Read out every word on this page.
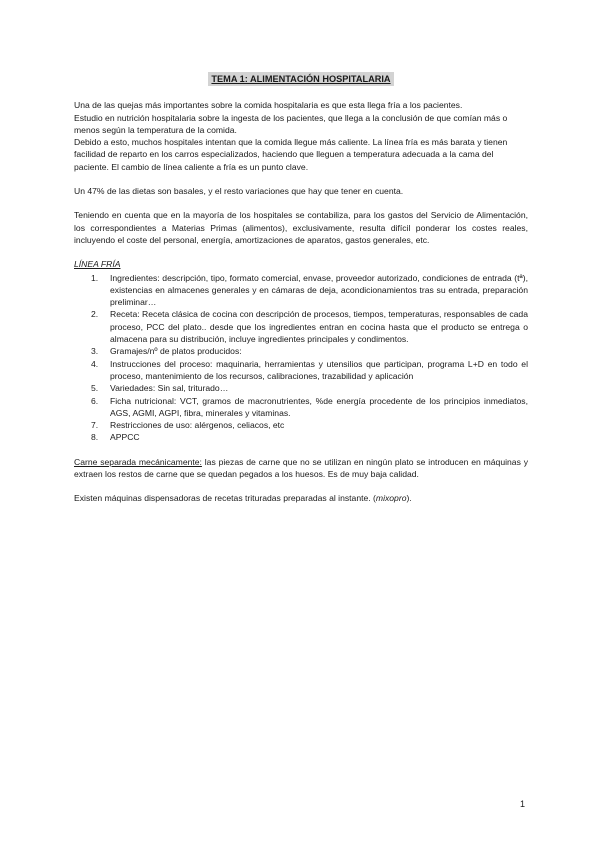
TEMA 1: ALIMENTACIÓN HOSPITALARIA

Una de las quejas más importantes sobre la comida hospitalaria es que esta llega fría a los pacientes.

Estudio en nutrición hospitalaria sobre la ingesta de los pacientes, que llega a la conclusión de que comían más o menos según la temperatura de la comida.

Debido a esto, muchos hospitales intentan que la comida llegue más caliente. La línea fría es más barata y tienen facilidad de reparto en los carros especializados, haciendo que lleguen a temperatura adecuada a la cama del paciente. El cambio de línea caliente a fría es un punto clave.

Un 47% de las dietas son basales, y el resto variaciones que hay que tener en cuenta.

Teniendo en cuenta que en la mayoría de los hospitales se contabiliza, para los gastos del Servicio de Alimentación, los correspondientes a Materias Primas (alimentos), exclusivamente, resulta difícil ponderar los costes reales, incluyendo el coste del personal, energía, amortizaciones de aparatos, gastos generales, etc.

LÍNEA FRÍA
1. Ingredientes: descripción, tipo, formato comercial, envase, proveedor autorizado, condiciones de entrada (tª), existencias en almacenes generales y en cámaras de deja, acondicionamientos tras su entrada, preparación preliminar…
2. Receta: Receta clásica de cocina con descripción de procesos, tiempos, temperaturas, responsables de cada proceso, PCC del plato.. desde que los ingredientes entran en cocina hasta que el producto se entrega o almacena para su distribución, incluye ingredientes principales y condimentos.
3. Gramajes/nº de platos producidos:
4. Instrucciones del proceso: maquinaria, herramientas y utensilios que participan, programa L+D en todo el proceso, mantenimiento de los recursos, calibraciones, trazabilidad y aplicación
5. Variedades: Sin sal, triturado…
6. Ficha nutricional: VCT, gramos de macronutrientes, %de energía procedente de los principios inmediatos, AGS, AGMI, AGPI, fibra, minerales y vitaminas.
7. Restricciones de uso: alérgenos, celiacos, etc
8. APPCC

Carne separada mecánicamente: las piezas de carne que no se utilizan en ningún plato se introducen en máquinas y extraen los restos de carne que se quedan pegados a los huesos. Es de muy baja calidad.

Existen máquinas dispensadoras de recetas trituradas preparadas al instante. (mixopro).

1
